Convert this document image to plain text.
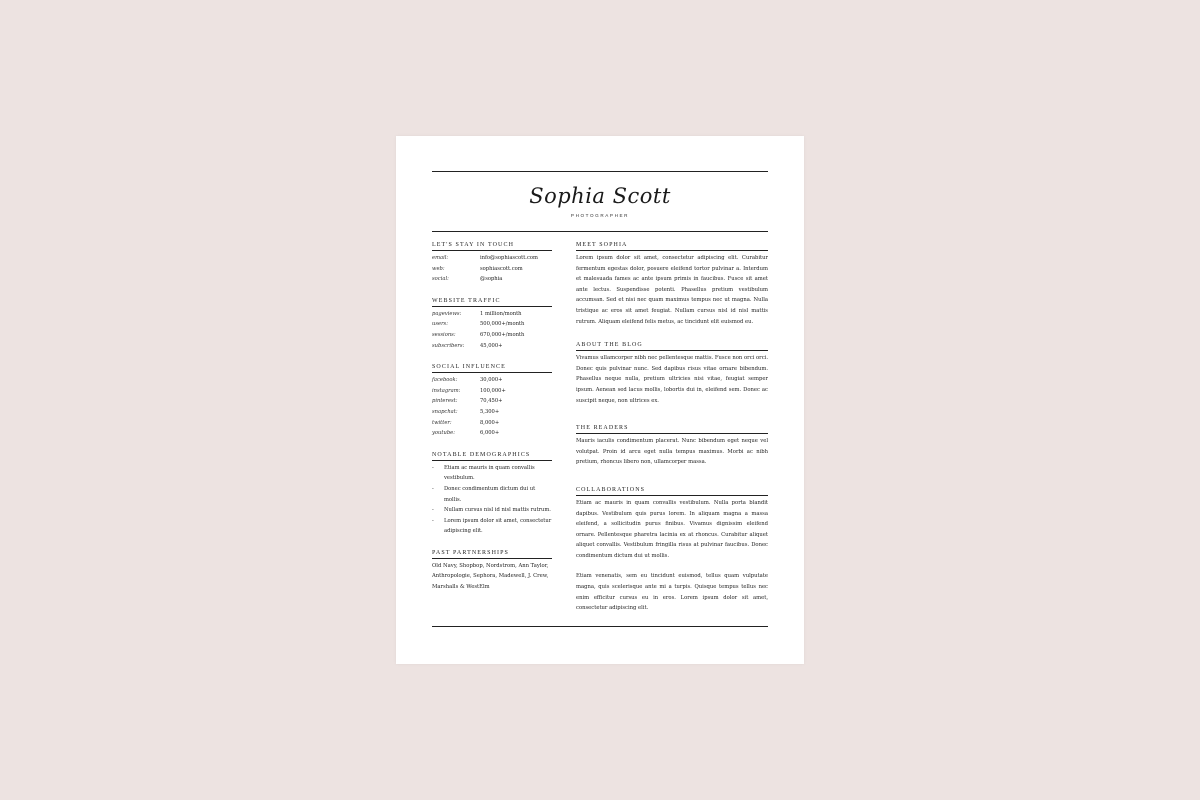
Sophia Scott
PHOTOGRAPHER
LET'S STAY IN TOUCH
email:	info@sophiascott.com
web:	sophiascott.com
social:	@sophia
WEBSITE TRAFFIC
pageviews:	1 million/month
users:	500,000+/month
sessions:	670,000+/month
subscribers:	45,000+
SOCIAL INFLUENCE
facebook:	30,000+
instagram:	100,000+
pinterest:	70,450+
snapchat:	5,300+
twitter:	8,000+
youtube:	6,000+
NOTABLE DEMOGRAPHICS
- Etiam ac mauris in quam convallis vestibulum.
- Donec condimentum dictum dui ut mollis.
- Nullam cursus nisl id nisl mattis rutrum.
- Lorem ipsum dolor sit amet, consectetur adipiscing elit.
PAST PARTNERSHIPS

Old Navy, Shopbop, Nordstrom, Ann Taylor, Anthropologie, Sephora, Madewell, J. Crew, Marshalls & WestElm

MEET SOPHIA

Lorem ipsum dolor sit amet, consectetur adipiscing elit. Curabitur fermentum egestas dolor, posuere eleifend tortor pulvinar a. Interdum et malesuada fames ac ante ipsum primis in faucibus. Fusce sit amet ante lectus. Suspendisse potenti. Phasellus pretium vestibulum accumsan. Sed et nisi nec quam maximus tempus nec ut magna. Nulla tristique ac eros sit amet feugiat. Nullam cursus nisl id nisl mattis rutrum. Aliquam eleifend felis metus, ac tincidunt elit euismod eu.

ABOUT THE BLOG

Vivamus ullamcorper nibh nec pellentesque mattis. Fusce non orci orci. Donec quis pulvinar nunc. Sed dapibus risus vitae ornare bibendum. Phasellus neque nulla, pretium ultricies nisi vitae, feugiat semper ipsum. Aenean sed lacus mollis, lobortis dui in, eleifend sem. Donec ac suscipit neque, non ultrices ex.

THE READERS

Mauris iaculis condimentum placerat. Nunc bibendum eget neque vel volutpat. Proin id arcu eget nulla tempus maximus. Morbi ac nibh pretium, rhoncus libero non, ullamcorper massa.

COLLABORATIONS

Etiam ac mauris in quam convallis vestibulum. Nulla porta blandit dapibus. Vestibulum quis purus lorem. In aliquam magna a massa eleifend, a sollicitudin purus finibus. Vivamus dignissim eleifend ornare. Pellentesque pharetra lacinia ex at rhoncus. Curabitur aliquet aliquet convallis. Vestibulum fringilla risus at pulvinar faucibus. Donec condimentum dictum dui ut mollis.

Etiam venenatis, sem eu tincidunt euismod, tellus quam vulputate magna, quis scelerisque ante mi a turpis. Quisque tempus tellus nec enim efficitur cursus eu in eros. Lorem ipsum dolor sit amet, consectetur adipiscing elit.
